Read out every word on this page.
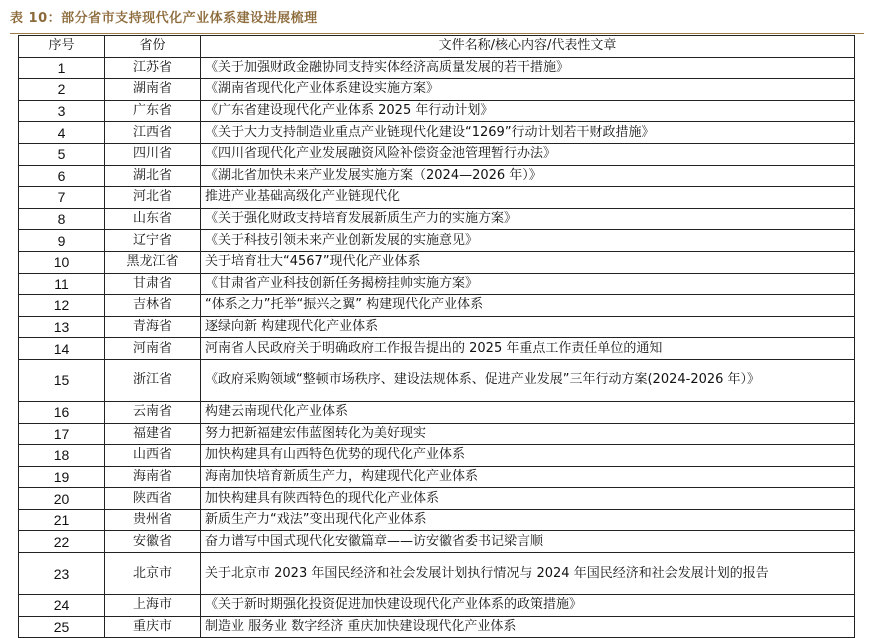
表 10：部分省市支持现代化产业体系建设进展梳理
序号	省份	文件名称/核心内容/代表性文章
1	江苏省	《关于加强财政金融协同支持实体经济高质量发展的若干措施》
2	湖南省	《湖南省现代化产业体系建设实施方案》
3	广东省	《广东省建设现代化产业体系 2025 年行动计划》
4	江西省	《关于大力支持制造业重点产业链现代化建设“1269”行动计划若干财政措施》
5	四川省	《四川省现代化产业发展融资风险补偿资金池管理暂行办法》
6	湖北省	《湖北省加快未来产业发展实施方案（2024—2026 年）》
7	河北省	推进产业基础高级化产业链现代化
8	山东省	《关于强化财政支持培育发展新质生产力的实施方案》
9	辽宁省	《关于科技引领未来产业创新发展的实施意见》
10	黑龙江省	关于培育壮大“4567”现代化产业体系
11	甘肃省	《甘肃省产业科技创新任务揭榜挂帅实施方案》
12	吉林省	“体系之力”托举“振兴之翼” 构建现代化产业体系
13	青海省	逐绿向新 构建现代化产业体系
14	河南省	河南省人民政府关于明确政府工作报告提出的 2025 年重点工作责任单位的通知
15	浙江省	《政府采购领域“整顿市场秩序、建设法规体系、促进产业发展”三年行动方案(2024-2026 年）》
16	云南省	构建云南现代化产业体系
17	福建省	努力把新福建宏伟蓝图转化为美好现实
18	山西省	加快构建具有山西特色优势的现代化产业体系
19	海南省	海南加快培育新质生产力，构建现代化产业体系
20	陕西省	加快构建具有陕西特色的现代化产业体系
21	贵州省	新质生产力“戏法”变出现代化产业体系
22	安徽省	奋力谱写中国式现代化安徽篇章——访安徽省委书记梁言顺
23	北京市	关于北京市 2023 年国民经济和社会发展计划执行情况与 2024 年国民经济和社会发展计划的报告
24	上海市	《关于新时期强化投资促进加快建设现代化产业体系的政策措施》
25	重庆市	制造业 服务业 数字经济 重庆加快建设现代化产业体系
